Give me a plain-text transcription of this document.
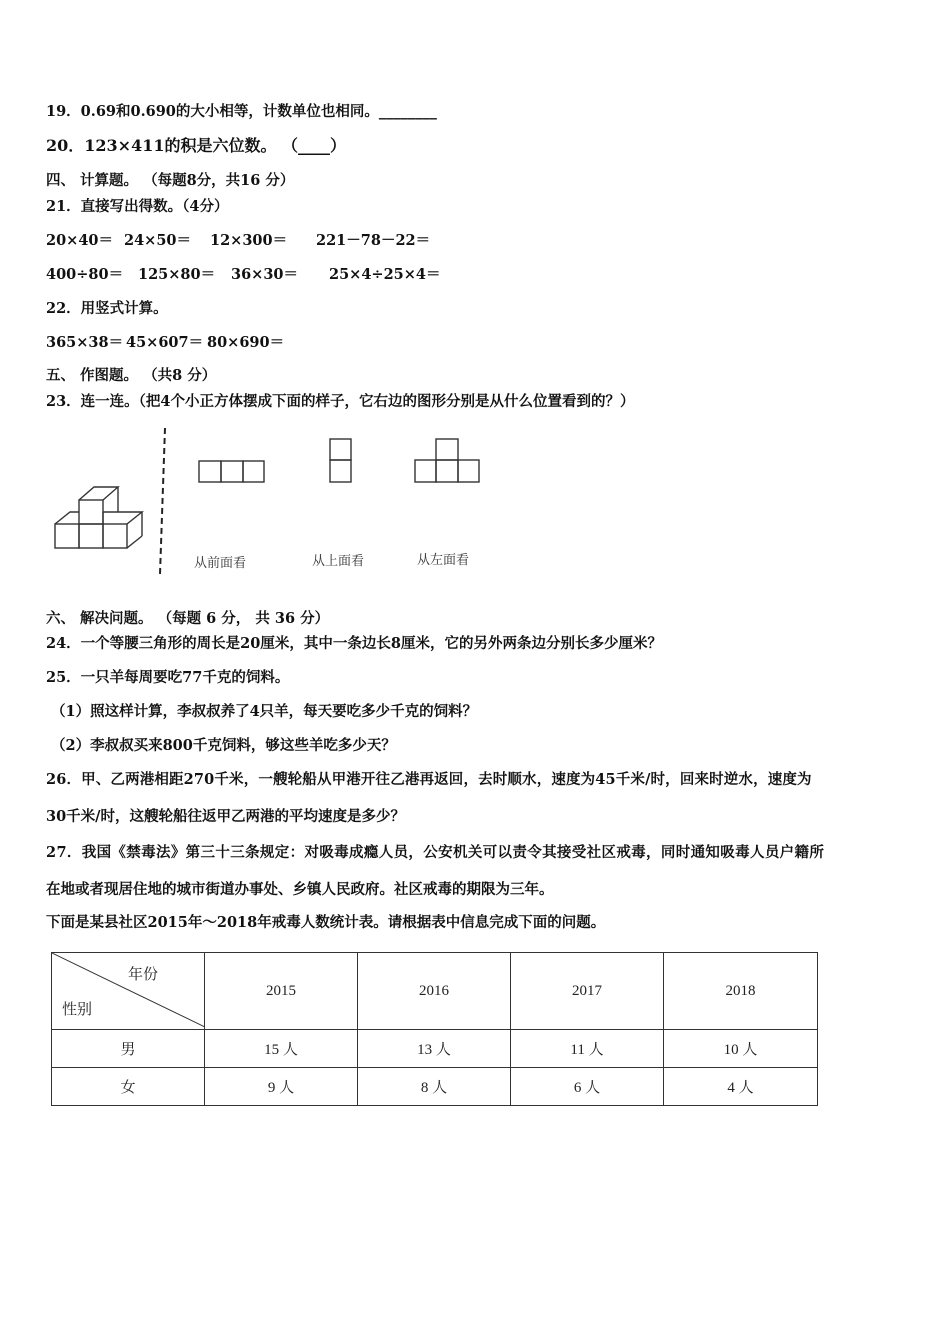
19．0.69和0.690的大小相等，计数单位也相同。________
20．123×411的积是六位数。 （____）
四、 计算题。 （每题8分，共16 分）
21．直接写出得数。（4分）
20×40＝ 24×50＝ 12×300＝ 221－78－22＝
400÷80＝ 125×80＝ 36×30＝ 25×4÷25×4＝
22．用竖式计算。
365×38＝ 45×607＝ 80×690＝
五、 作图题。 （共8 分）
23．连一连。（把4个小正方体摆成下面的样子，它右边的图形分别是从什么位置看到的？）
从前面看	从上面看	从左面看
六、 解决问题。 （每题 6 分， 共 36 分）
24．一个等腰三角形的周长是20厘米，其中一条边长8厘米，它的另外两条边分别长多少厘米？
25．一只羊每周要吃77千克的饲料。
（1）照这样计算，李叔叔养了4只羊，每天要吃多少千克的饲料？
（2）李叔叔买来800千克饲料，够这些羊吃多少天？
26．甲、乙两港相距270千米，一艘轮船从甲港开往乙港再返回，去时顺水，速度为45千米/时，回来时逆水，速度为
30千米/时，这艘轮船往返甲乙两港的平均速度是多少？
27．我国《禁毒法》第三十三条规定：对吸毒成瘾人员，公安机关可以责令其接受社区戒毒，同时通知吸毒人员户籍所
在地或者现居住地的城市街道办事处、乡镇人民政府。社区戒毒的期限为三年。
下面是某县社区2015年～2018年戒毒人数统计表。请根据表中信息完成下面的问题。
年份
性别	2015	2016	2017	2018
男	15 人	13 人	11 人	10 人
女	9 人	8 人	6 人	4 人
